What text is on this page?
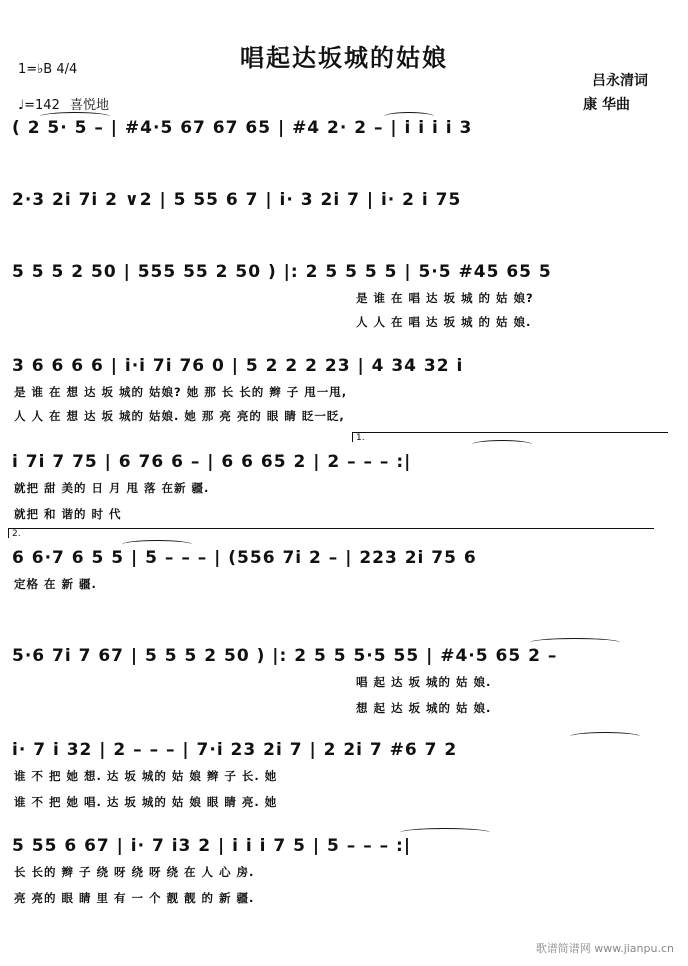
唱起达坂城的姑娘
1=♭B 4/4
♩=142 喜悦地
吕永清词
康 华曲
( 2 5· 5 – | #4·5 67 67 65 | #4 2· 2 – | i i i i 3
2·3 2i 7i 2 ∨2 | 5 55 6 7 | i· 3 2i 7 | i· 2 i 75
5 5 5 2 50 | 555 55 2 50 ) |: 2 5 5 5 5 | 5·5 #45 65 5
是 谁 在 唱 达 坂 城 的 姑 娘?
人 人 在 唱 达 坂 城 的 姑 娘.
3 6 6 6 6 | i·i 7i 76 0 | 5 2 2 2 23 | 4 34 32 i
是 谁 在 想 达 坂 城的 姑娘? 她 那 长 长的 辫 子 甩一甩,
人 人 在 想 达 坂 城的 姑娘. 她 那 亮 亮的 眼 睛 眨一眨,
1.
i 7i 7 75 | 6 76 6 – | 6 6 65 2 | 2 – – – :|
就把 甜 美的 日 月 甩 落 在新 疆.
就把 和 谐的 时 代
2.
6 6·7 6 5 5 | 5 – – – | (556 7i 2 – | 223 2i 75 6
定格 在 新 疆.
5·6 7i 7 67 | 5 5 5 2 50 ) |: 2 5 5 5·5 55 | #4·5 65 2 –
唱 起 达 坂 城的 姑 娘.
想 起 达 坂 城的 姑 娘.
i· 7 i 32 | 2 – – – | 7·i 23 2i 7 | 2 2i 7 #6 7 2
谁 不 把 她 想. 达 坂 城的 姑 娘 辫 子 长. 她
谁 不 把 她 唱. 达 坂 城的 姑 娘 眼 睛 亮. 她
5 55 6 67 | i· 7 i3 2 | i i i 7 5 | 5 – – – :|
长 长的 辫 子 绕 呀 绕 呀 绕 在 人 心 房.
亮 亮的 眼 睛 里 有 一 个 靓 靓 的 新 疆.
歌谱简谱网 www.jianpu.cn
